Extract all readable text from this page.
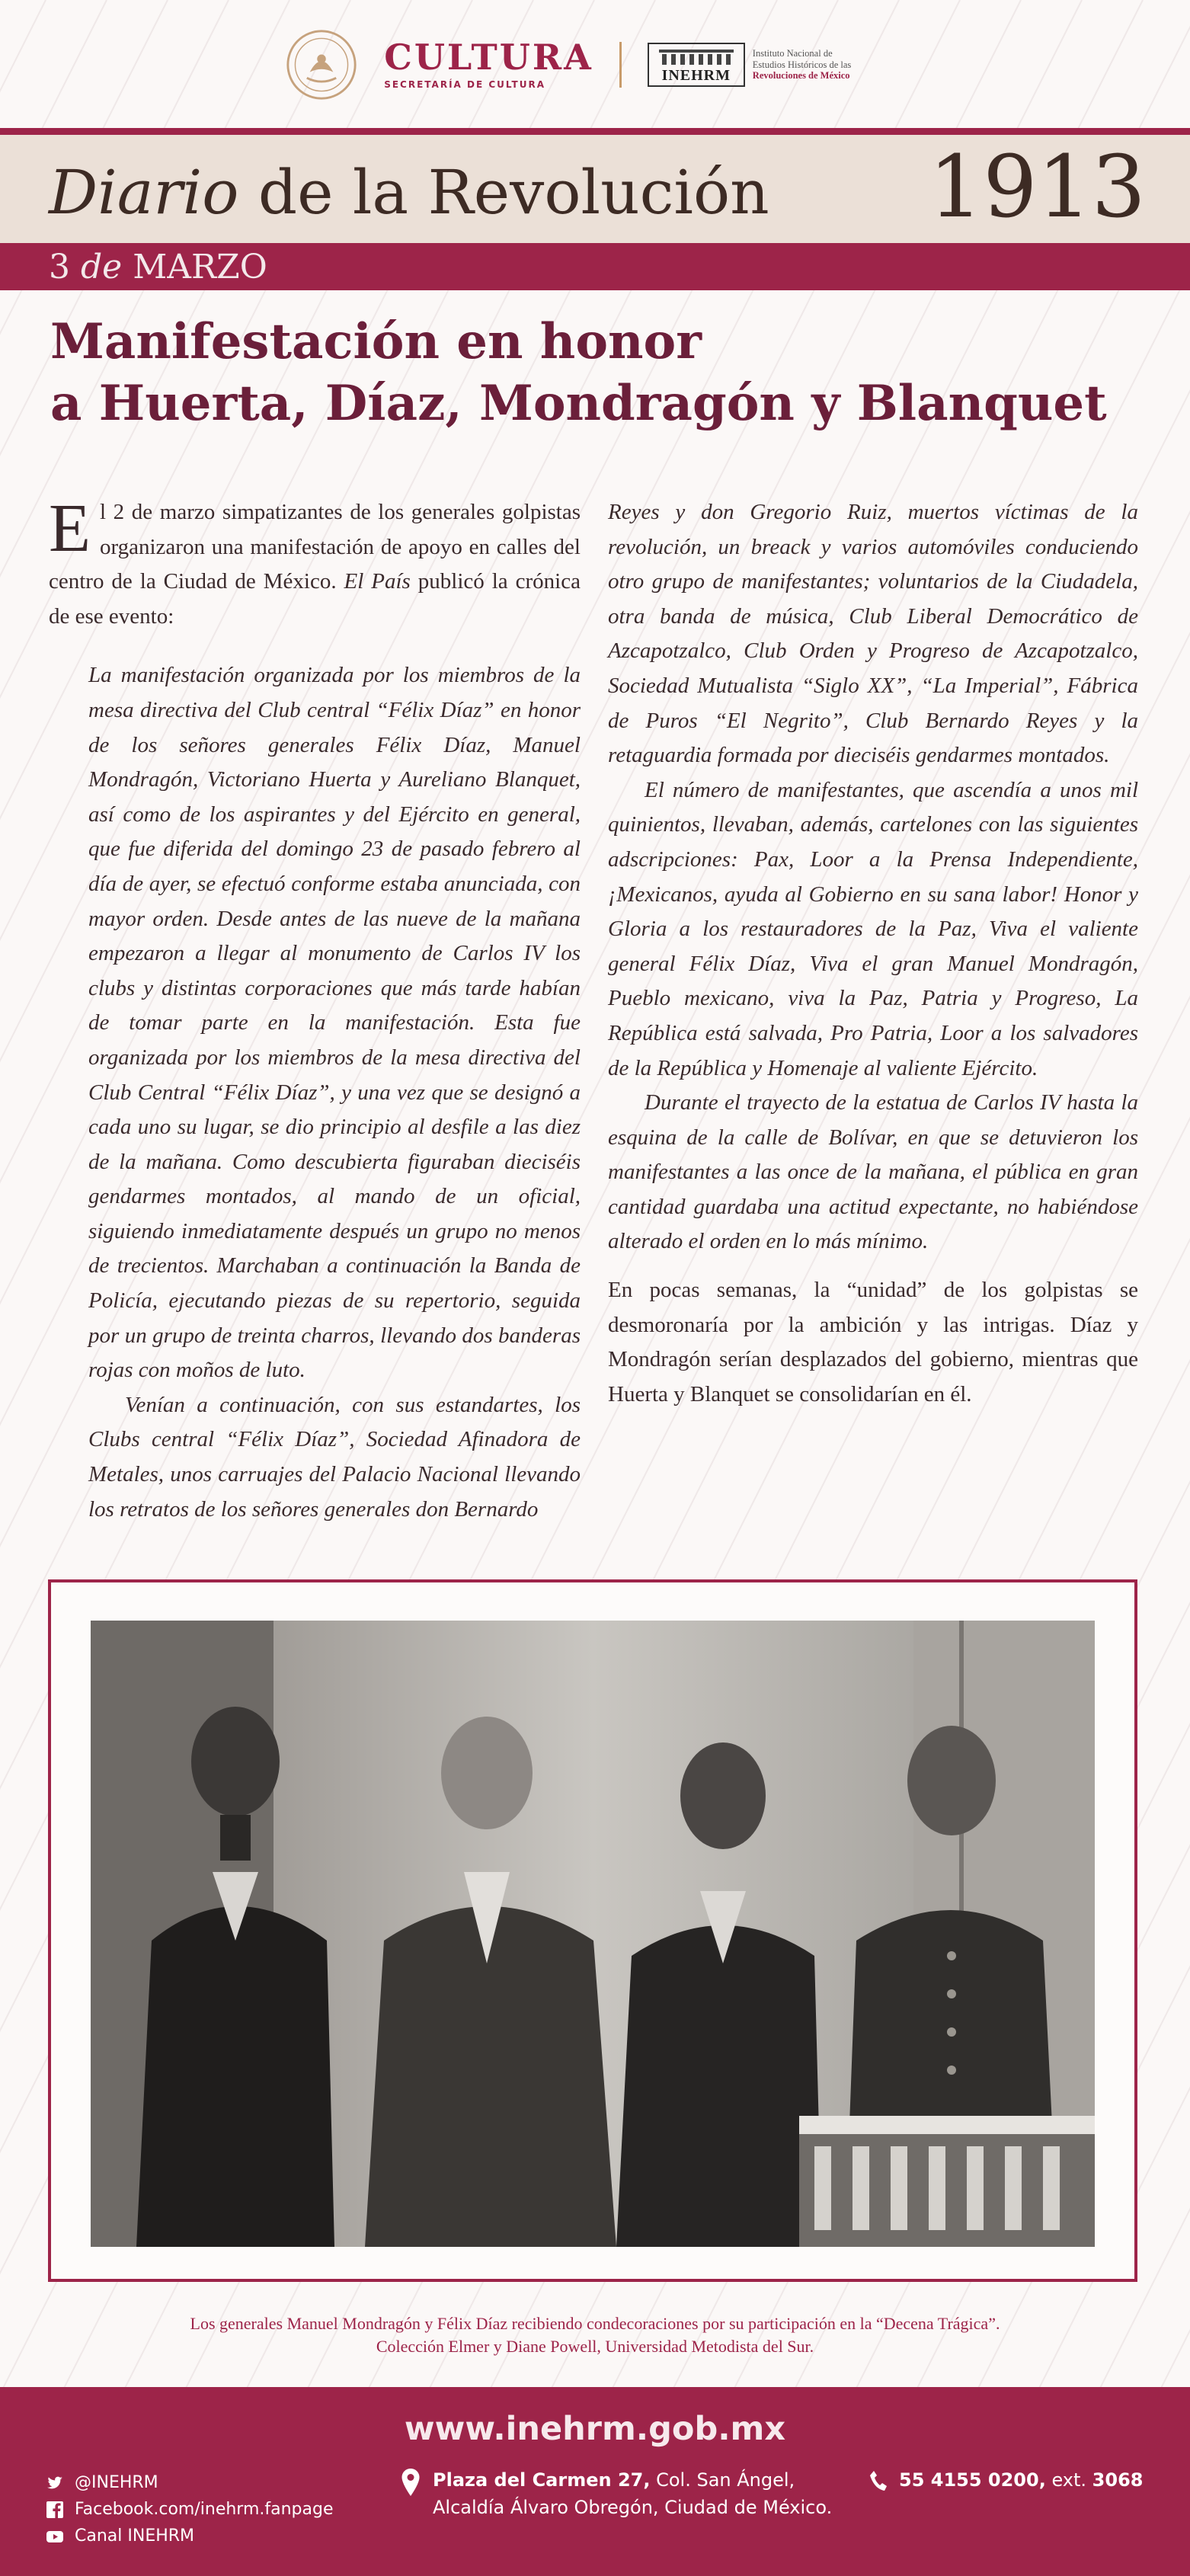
CULTURA
SECRETARÍA DE CULTURA
INEHRM
Instituto Nacional de
Estudios Históricos de las
Revoluciones de México
Diario de la Revolución 1913
3 de MARZO
Manifestación en honor
a Huerta, Díaz, Mondragón y Blanquet

El 2 de marzo simpatizantes de los generales golpistas organizaron una manifestación de apoyo en calles del centro de la Ciudad de México. El País publicó la crónica de ese evento:

La manifestación organizada por los miembros de la mesa directiva del Club central “Félix Díaz” en honor de los señores generales Félix Díaz, Manuel Mondragón, Victoriano Huerta y Aureliano Blanquet, así como de los aspirantes y del Ejército en general, que fue diferida del domingo 23 de pasado febrero al día de ayer, se efectuó conforme estaba anunciada, con mayor orden. Desde antes de las nueve de la mañana empezaron a llegar al monumento de Carlos IV los clubs y distintas corporaciones que más tarde habían de tomar parte en la manifestación. Esta fue organizada por los miembros de la mesa directiva del Club Central “Félix Díaz”, y una vez que se designó a cada uno su lugar, se dio principio al desfile a las diez de la mañana. Como descubierta figuraban dieciséis gendarmes montados, al mando de un oficial, siguiendo inmediatamente después un grupo no menos de trecientos. Marchaban a continuación la Banda de Policía, ejecutando piezas de su repertorio, seguida por un grupo de treinta charros, llevando dos banderas rojas con moños de luto.

Venían a continuación, con sus estandartes, los Clubs central “Félix Díaz”, Sociedad Afinadora de Metales, unos carruajes del Palacio Nacional llevando los retratos de los señores generales don Bernardo

Reyes y don Gregorio Ruiz, muertos víctimas de la revolución, un breack y varios automóviles conduciendo otro grupo de manifestantes; voluntarios de la Ciudadela, otra banda de música, Club Liberal Democrático de Azcapotzalco, Club Orden y Progreso de Azcapotzalco, Sociedad Mutualista “Siglo XX”, “La Imperial”, Fábrica de Puros “El Negrito”, Club Bernardo Reyes y la retaguardia formada por dieciséis gendarmes montados.

El número de manifestantes, que ascendía a unos mil quinientos, llevaban, además, cartelones con las siguientes adscripciones: Pax, Loor a la Prensa Independiente, ¡Mexicanos, ayuda al Gobierno en su sana labor! Honor y Gloria a los restauradores de la Paz, Viva el valiente general Félix Díaz, Viva el gran Manuel Mondragón, Pueblo mexicano, viva la Paz, Patria y Progreso, La República está salvada, Pro Patria, Loor a los salvadores de la República y Homenaje al valiente Ejército.

Durante el trayecto de la estatua de Carlos IV hasta la esquina de la calle de Bolívar, en que se detuvieron los manifestantes a las once de la mañana, el pública en gran cantidad guardaba una actitud expectante, no habiéndose alterado el orden en lo más mínimo.

En pocas semanas, la “unidad” de los golpistas se desmoronaría por la ambición y las intrigas. Díaz y Mondragón serían desplazados del gobierno, mientras que Huerta y Blanquet se consolidarían en él.

Los generales Manuel Mondragón y Félix Díaz recibiendo condecoraciones por su participación en la “Decena Trágica”.
Colección Elmer y Diane Powell, Universidad Metodista del Sur.
www.inehrm.gob.mx
@INEHRM
Facebook.com/inehrm.fanpage
Canal INEHRM
Plaza del Carmen 27, Col. San Ángel,
Alcaldía Álvaro Obregón, Ciudad de México.
55 4155 0200, ext. 3068
